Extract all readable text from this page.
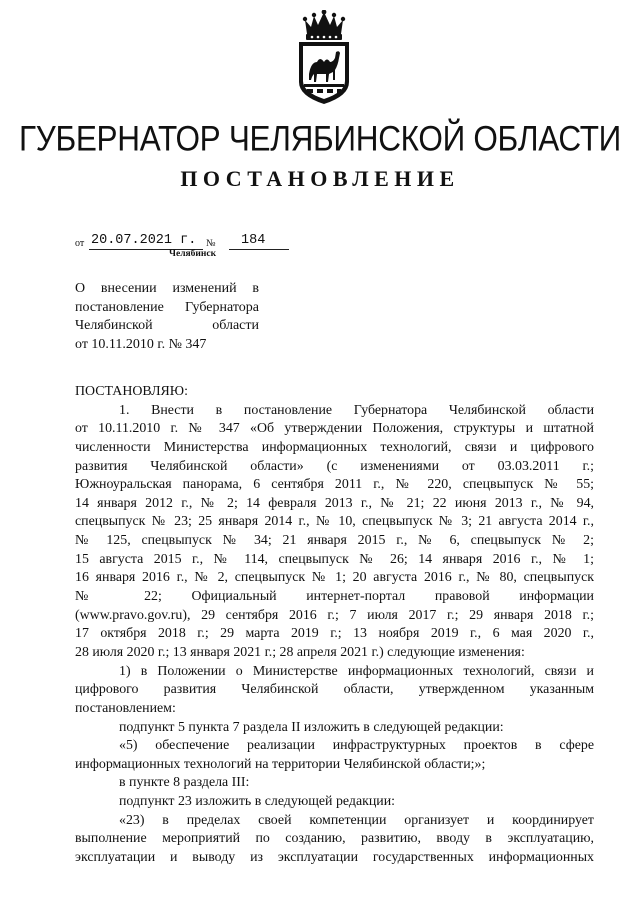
ГУБЕРНАТОР ЧЕЛЯБИНСКОЙ ОБЛАСТИ
ПОСТАНОВЛЕНИЕ
от 20.07.2021 г. №	184
Челябинск
О внесении изменений в
постановление Губернатора
Челябинской области
от 10.11.2010 г. № 347
ПОСТАНОВЛЯЮ:
1. Внести в постановление Губернатора Челябинской области
от 10.11.2010 г. № 347 «Об утверждении Положения, структуры и штатной
численности Министерства информационных технологий, связи и цифрового
развития Челябинской области» (с изменениями от 03.03.2011 г.;
Южноуральская панорама, 6 сентября 2011 г., № 220, спецвыпуск № 55;
14 января 2012 г., № 2; 14 февраля 2013 г., № 21; 22 июня 2013 г., № 94,
спецвыпуск № 23; 25 января 2014 г., № 10, спецвыпуск № 3; 21 августа 2014 г.,
№ 125, спецвыпуск № 34; 21 января 2015 г., № 6, спецвыпуск № 2;
15 августа 2015 г., № 114, спецвыпуск № 26; 14 января 2016 г., № 1;
16 января 2016 г., № 2, спецвыпуск № 1; 20 августа 2016 г., № 80, спецвыпуск
№ 22; Официальный интернет-портал правовой информации
(www.pravo.gov.ru), 29 сентября 2016 г.; 7 июля 2017 г.; 29 января 2018 г.;
17 октября 2018 г.; 29 марта 2019 г.; 13 ноября 2019 г., 6 мая 2020 г.,
28 июля 2020 г.; 13 января 2021 г.; 28 апреля 2021 г.) следующие изменения:
1) в Положении о Министерстве информационных технологий, связи и
цифрового развития Челябинской области, утвержденном указанным
постановлением:
подпункт 5 пункта 7 раздела II изложить в следующей редакции:
«5) обеспечение реализации инфраструктурных проектов в сфере
информационных технологий на территории Челябинской области;»;
в пункте 8 раздела III:
подпункт 23 изложить в следующей редакции:
«23) в пределах своей компетенции организует и координирует
выполнение мероприятий по созданию, развитию, вводу в эксплуатацию,
эксплуатации и выводу из эксплуатации государственных информационных
